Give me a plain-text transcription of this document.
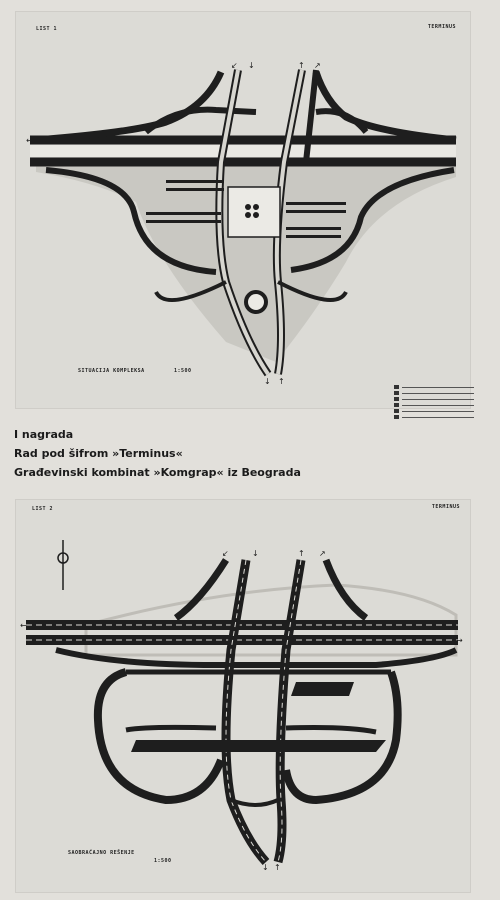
LIST 1	TERMINUS
↙ ↓	↑ ↗
←
→
↓ ↑
SITUACIJA KOMPLEKSA	1:500
I nagrada
Rad pod šifrom »Terminus«
Građevinski kombinat »Komgrap« iz Beograda
LIST 2	TERMINUS
↙	↓	↑ ↗
←
→
↓ ↑
SAOBRAĆAJNO REŠENJE
1:500
